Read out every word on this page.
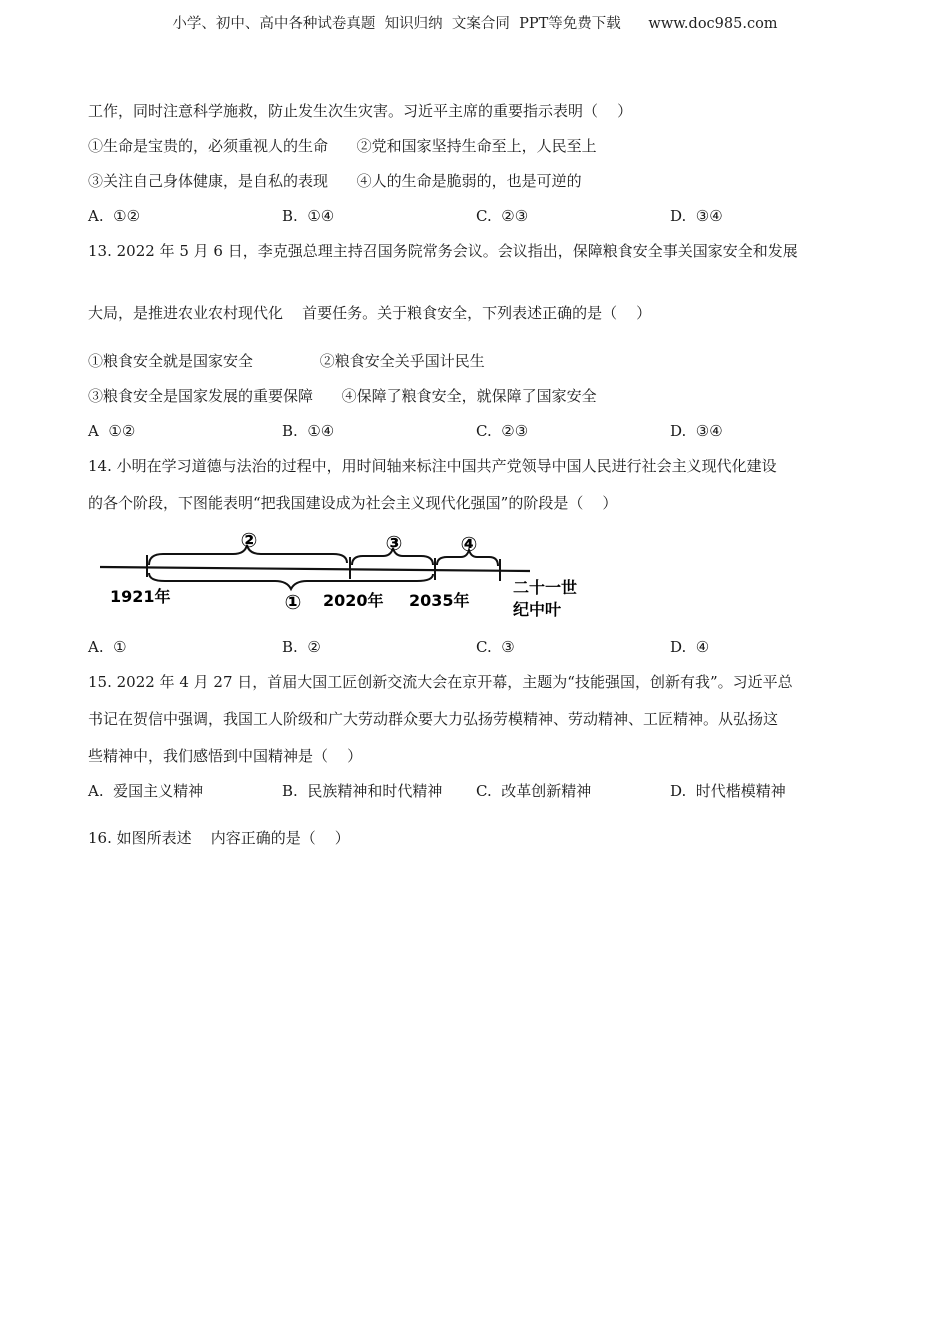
小学、初中、高中各种试卷真题  知识归纳  文案合同  PPT等免费下载      www.doc985.com
工作，同时注意科学施救，防止发生次生灾害。习近平主席的重要指示表明（    ）
①生命是宝贵的，必须重视人的生命      ②党和国家坚持生命至上，人民至上
③关注自己身体健康，是自私的表现      ④人的生命是脆弱的，也是可逆的
A.  ①②	B.  ①④	C.  ②③	D.  ③④
13. 2022 年 5 月 6 日，李克强总理主持召国务院常务会议。会议指出，保障粮食安全事关国家安全和发展
大局，是推进农业农村现代化    首要任务。关于粮食安全，下列表述正确的是（    ）
①粮食安全就是国家安全              ②粮食安全关乎国计民生
③粮食安全是国家发展的重要保障      ④保障了粮食安全，就保障了国家安全
A  ①②	B.  ①④	C.  ②③	D.  ③④
14. 小明在学习道德与法治的过程中，用时间轴来标注中国共产党领导中国人民进行社会主义现代化建设
的各个阶段，下图能表明“把我国建设成为社会主义现代化强国”的阶段是（    ）
②	③	④
①
1921年	2020年 2035年
二十一世
纪中叶
A.  ①	B.  ②	C.  ③	D.  ④
15. 2022 年 4 月 27 日，首届大国工匠创新交流大会在京开幕，主题为“技能强国，创新有我”。习近平总
书记在贺信中强调，我国工人阶级和广大劳动群众要大力弘扬劳模精神、劳动精神、工匠精神。从弘扬这
些精神中，我们感悟到中国精神是（    ）
A.  爱国主义精神	B.  民族精神和时代精神 C.  改革创新精神	D.  时代楷模精神
16. 如图所表述    内容正确的是（    ）
